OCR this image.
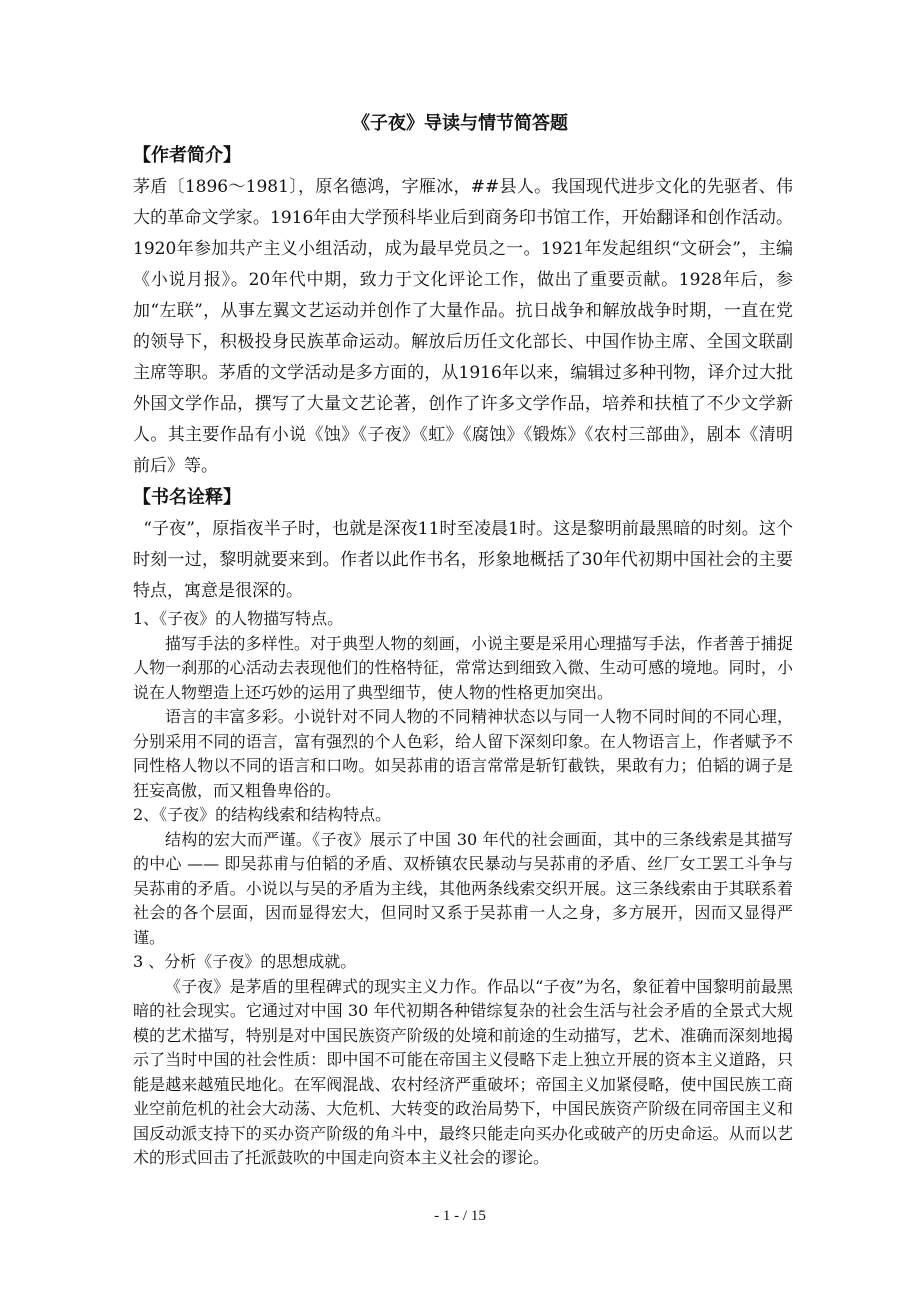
《子夜》导读与情节简答题
【作者简介】

茅盾〔1896～1981〕，原名德鸿，字雁冰，##县人。我国现代进步文化的先驱者、伟大的革命文学家。1916年由大学预科毕业后到商务印书馆工作，开始翻译和创作活动。1920年参加共产主义小组活动，成为最早党员之一。1921年发起组织“文研会”，主编《小说月报》。20年代中期，致力于文化评论工作，做出了重要贡献。1928年后，参加“左联”，从事左翼文艺运动并创作了大量作品。抗日战争和解放战争时期，一直在党的领导下，积极投身民族革命运动。解放后历任文化部长、中国作协主席、全国文联副主席等职。茅盾的文学活动是多方面的，从1916年以来，编辑过多种刊物，译介过大批外国文学作品，撰写了大量文艺论著，创作了许多文学作品，培养和扶植了不少文学新人。其主要作品有小说《蚀》《子夜》《虹》《腐蚀》《锻炼》《农村三部曲》，剧本《清明前后》等。

【书名诠释】

“子夜”，原指夜半子时，也就是深夜11时至凌晨1时。这是黎明前最黑暗的时刻。这个时刻一过，黎明就要来到。作者以此作书名，形象地概括了30年代初期中国社会的主要特点，寓意是很深的。

1、《子夜》的人物描写特点。

描写手法的多样性。对于典型人物的刻画，小说主要是采用心理描写手法，作者善于捕捉人物一刹那的心活动去表现他们的性格特征，常常达到细致入微、生动可感的境地。同时，小说在人物塑造上还巧妙的运用了典型细节，使人物的性格更加突出。

语言的丰富多彩。小说针对不同人物的不同精神状态以与同一人物不同时间的不同心理，分别采用不同的语言，富有强烈的个人色彩，给人留下深刻印象。在人物语言上，作者赋予不同性格人物以不同的语言和口吻。如吴荪甫的语言常常是斩钉截铁，果敢有力；伯韬的调子是狂妄高傲，而又粗鲁卑俗的。

2、《子夜》的结构线索和结构特点。

结构的宏大而严谨。《子夜》展示了中国 30 年代的社会画面，其中的三条线索是其描写的中心 —— 即吴荪甫与伯韬的矛盾、双桥镇农民暴动与吴荪甫的矛盾、丝厂女工罢工斗争与吴荪甫的矛盾。小说以与吴的矛盾为主线，其他两条线索交织开展。这三条线索由于其联系着社会的各个层面，因而显得宏大，但同时又系于吴荪甫一人之身，多方展开，因而又显得严谨。

3 、分析《子夜》的思想成就。

《子夜》是茅盾的里程碑式的现实主义力作。作品以“子夜”为名，象征着中国黎明前最黑暗的社会现实。它通过对中国 30 年代初期各种错综复杂的社会生活与社会矛盾的全景式大规模的艺术描写，特别是对中国民族资产阶级的处境和前途的生动描写，艺术、准确而深刻地揭示了当时中国的社会性质：即中国不可能在帝国主义侵略下走上独立开展的资本主义道路，只能是越来越殖民地化。在军阀混战、农村经济严重破坏；帝国主义加紧侵略，使中国民族工商业空前危机的社会大动荡、大危机、大转变的政治局势下，中国民族资产阶级在同帝国主义和国反动派支持下的买办资产阶级的角斗中，最终只能走向买办化或破产的历史命运。从而以艺术的形式回击了托派鼓吹的中国走向资本主义社会的谬论。

- 1 - / 15
